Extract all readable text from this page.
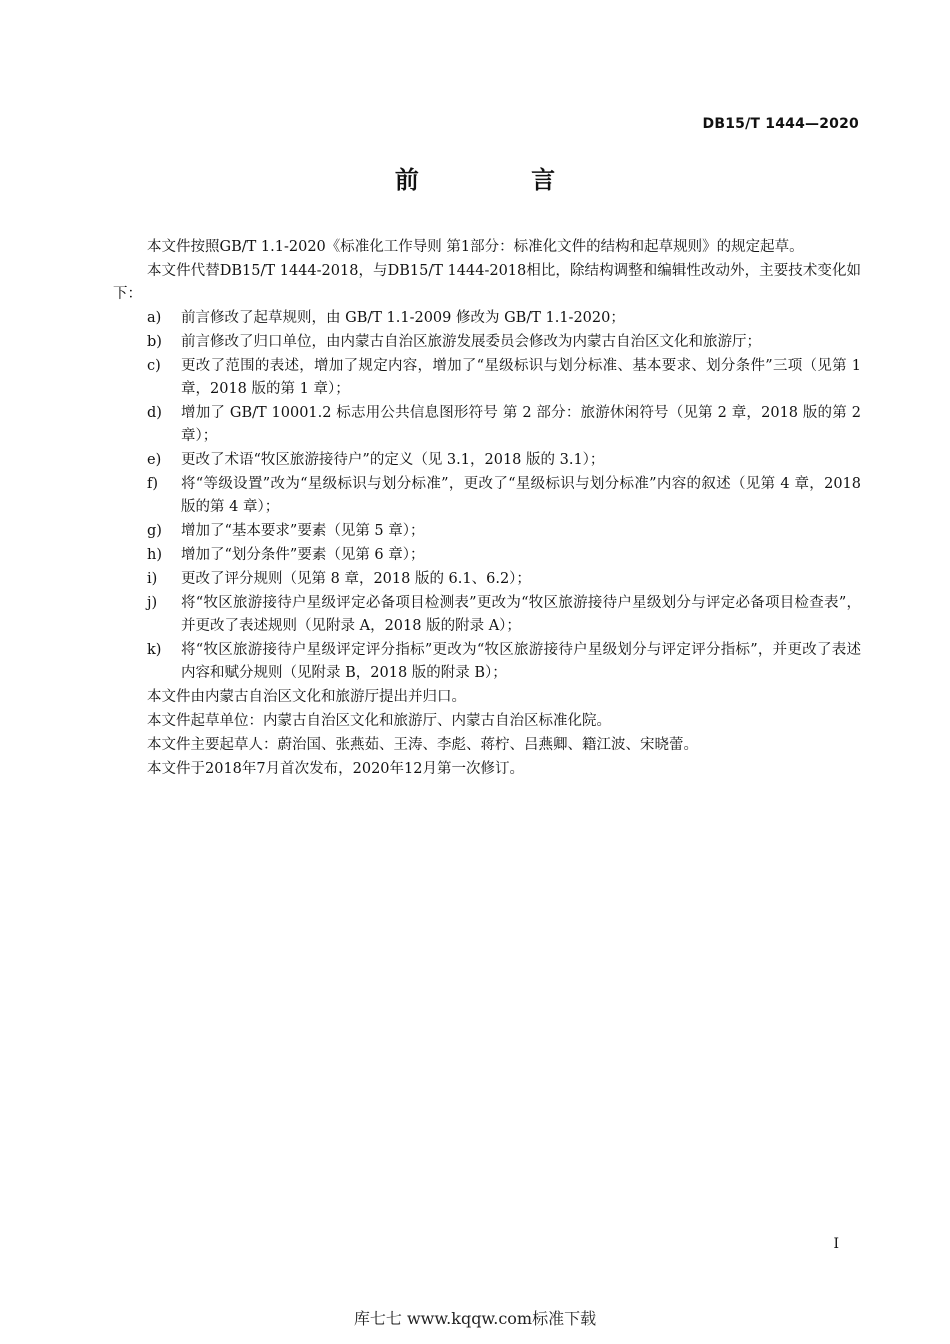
DB15/T 1444—2020
前 言

本文件按照GB/T 1.1-2020《标准化工作导则 第1部分：标准化文件的结构和起草规则》的规定起草。

本文件代替DB15/T 1444-2018，与DB15/T 1444-2018相比，除结构调整和编辑性改动外，主要技术变化如下：

a) 前言修改了起草规则，由 GB/T 1.1-2009 修改为 GB/T 1.1-2020；
b) 前言修改了归口单位，由内蒙古自治区旅游发展委员会修改为内蒙古自治区文化和旅游厅；
c) 更改了范围的表述，增加了规定内容，增加了“星级标识与划分标准、基本要求、划分条件”三项（见第 1 章，2018 版的第 1 章）；
d) 增加了 GB/T 10001.2 标志用公共信息图形符号 第 2 部分：旅游休闲符号（见第 2 章，2018 版的第 2 章）；
e) 更改了术语“牧区旅游接待户”的定义（见 3.1，2018 版的 3.1）；
f) 将“等级设置”改为“星级标识与划分标准”，更改了“星级标识与划分标准”内容的叙述（见第 4 章，2018 版的第 4 章）；
g) 增加了“基本要求”要素（见第 5 章）；
h) 增加了“划分条件”要素（见第 6 章）；
i) 更改了评分规则（见第 8 章，2018 版的 6.1、6.2）；
j) 将“牧区旅游接待户星级评定必备项目检测表”更改为“牧区旅游接待户星级划分与评定必备项目检查表”，并更改了表述规则（见附录 A，2018 版的附录 A）；
k) 将“牧区旅游接待户星级评定评分指标”更改为“牧区旅游接待户星级划分与评定评分指标”，并更改了表述内容和赋分规则（见附录 B，2018 版的附录 B）；

本文件由内蒙古自治区文化和旅游厅提出并归口。

本文件起草单位：内蒙古自治区文化和旅游厅、内蒙古自治区标准化院。

本文件主要起草人：蔚治国、张燕茹、王涛、李彪、蒋柠、吕燕卿、籍江波、宋晓蕾。

本文件于2018年7月首次发布，2020年12月第一次修订。

I
库七七 www.kqqw.com标准下载
